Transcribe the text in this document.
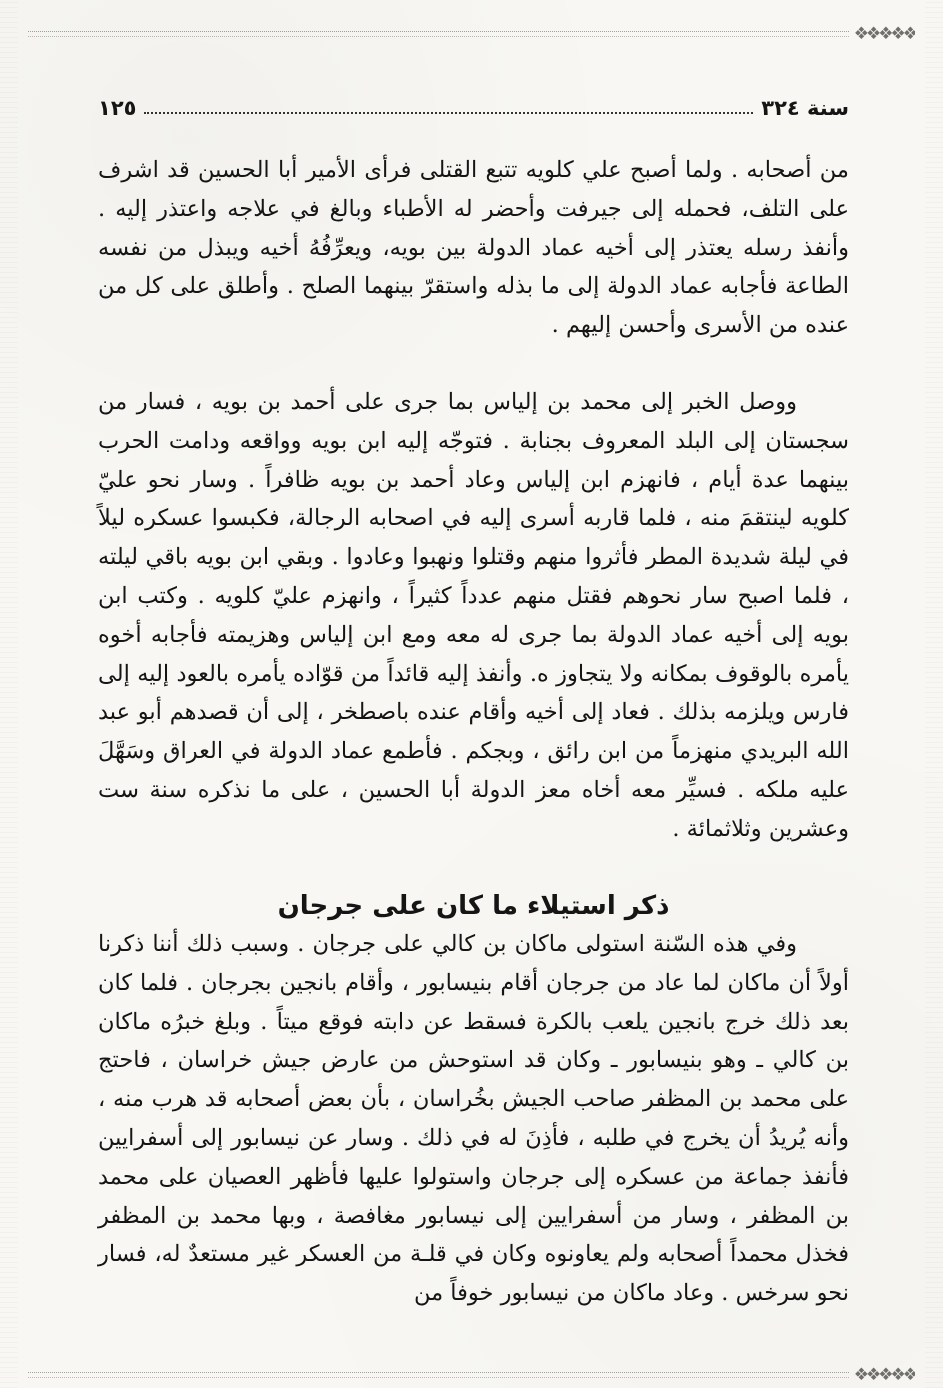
❖❖❖❖❖
سنة ٣٢٤
١٢٥

من أصحابه . ولما أصبح علي كلويه تتبع القتلى فرأى الأمير أبا الحسين قد اشرف على التلف، فحمله إلى جيرفت وأحضر له الأطباء وبالغ في علاجه واعتذر إليه . وأنفذ رسله يعتذر إلى أخيه عماد الدولة بين بويه، ويعرِّفُهُ أخيه ويبذل من نفسه الطاعة فأجابه عماد الدولة إلى ما بذله واستقرّ بينهما الصلح . وأطلق على كل من عنده من الأسرى وأحسن إليهم .

ووصل الخبر إلى محمد بن إلياس بما جرى على أحمد بن بويه ، فسار من سجستان إلى البلد المعروف بجنابة . فتوجّه إليه ابن بويه وواقعه ودامت الحرب بينهما عدة أيام ، فانهزم ابن إلياس وعاد أحمد بن بويه ظافراً . وسار نحو عليّ كلويه لينتقمَ منه ، فلما قاربه أسرى إليه في اصحابه الرجالة، فكبسوا عسكره ليلاً في ليلة شديدة المطر فأثروا منهم وقتلوا ونهبوا وعادوا . وبقي ابن بويه باقي ليلته ، فلما اصبح سار نحوهم فقتل منهم عدداً كثيراً ، وانهزم عليّ كلويه . وكتب ابن بويه إلى أخيه عماد الدولة بما جرى له معه ومع ابن إلياس وهزيمته فأجابه أخوه يأمره بالوقوف بمكانه ولا يتجاوز ه. وأنفذ إليه قائداً من قوّاده يأمره بالعود إليه إلى فارس ويلزمه بذلك . فعاد إلى أخيه وأقام عنده باصطخر ، إلى أن قصدهم أبو عبد الله البريدي منهزماً من ابن رائق ، وبجكم . فأطمع عماد الدولة في العراق وسَهَّلَ عليه ملكه . فسيِّر معه أخاه معز الدولة أبا الحسين ، على ما نذكره سنة ست وعشرين وثلاثمائة .

ذكر استيلاء ما كان على جرجان

وفي هذه السّنة استولى ماكان بن كالي على جرجان . وسبب ذلك أننا ذكرنا أولاً أن ماكان لما عاد من جرجان أقام بنيسابور ، وأقام بانجين بجرجان . فلما كان بعد ذلك خرج بانجين يلعب بالكرة فسقط عن دابته فوقع ميتاً . وبلغ خبرُه ماكان بن كالي ـ وهو بنيسابور ـ وكان قد استوحش من عارض جيش خراسان ، فاحتج على محمد بن المظفر صاحب الجيش بخُراسان ، بأن بعض أصحابه قد هرب منه ، وأنه يُريدُ أن يخرج في طلبه ، فأذِنَ له في ذلك . وسار عن نيسابور إلى أسفرايين فأنفذ جماعة من عسكره إلى جرجان واستولوا عليها فأظهر العصيان على محمد بن المظفر ، وسار من أسفرايين إلى نيسابور مغافصة ، وبها محمد بن المظفر فخذل محمداً أصحابه ولم يعاونوه وكان في قلـة من العسكر غير مستعدٌ له، فسار نحو سرخس . وعاد ماكان من نيسابور خوفاً من

❖❖❖❖❖
